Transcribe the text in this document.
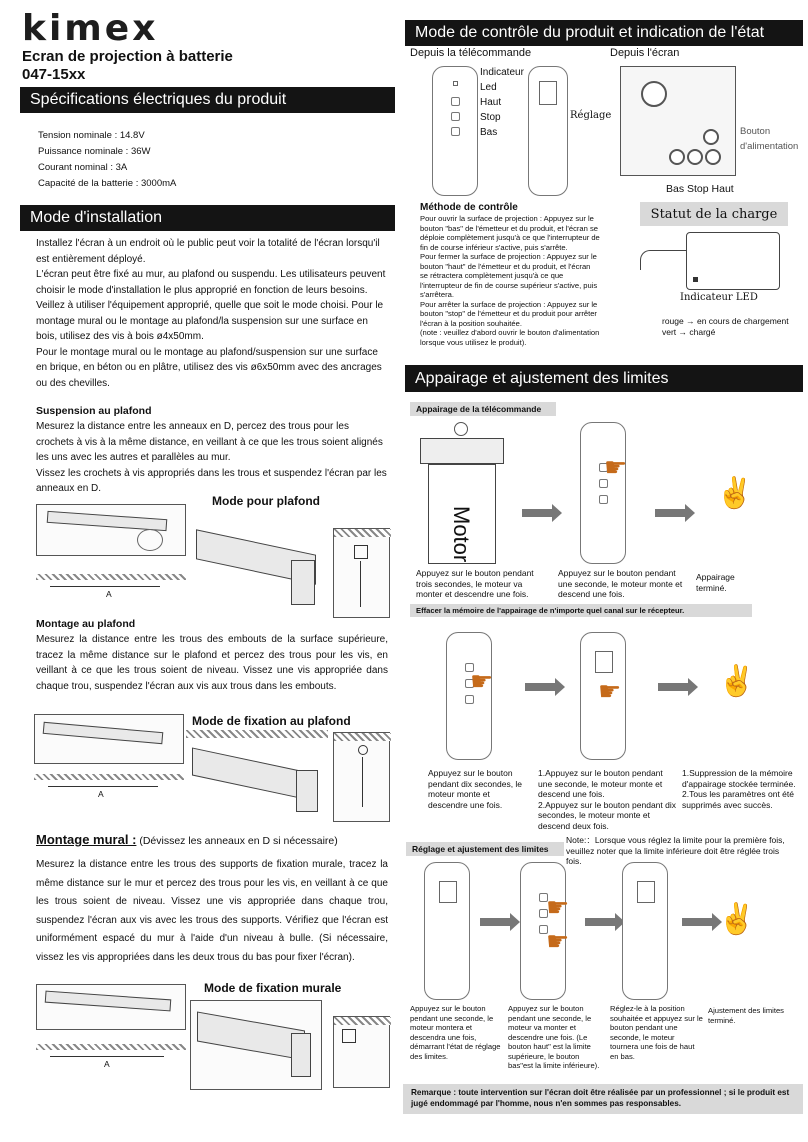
kimex
Ecran de projection à batterie
047-15xx
Spécifications électriques du produit
Tension nominale : 14.8V
Puissance nominale : 36W
Courant nominal : 3A
Capacité de la batterie : 3000mA
Mode d'installation

Installez l'écran à un endroit où le public peut voir la totalité de l'écran lorsqu'il est entièrement déployé.

L'écran peut être fixé au mur, au plafond ou suspendu. Les utilisateurs peuvent choisir le mode d'installation le plus approprié en fonction de leurs besoins. Veillez à utiliser l'équipement approprié, quelle que soit le mode choisi. Pour le montage mural ou le montage au plafond/la suspension sur une surface en bois, utilisez des vis à bois ø4x50mm.

Pour le montage mural ou le montage au plafond/suspension sur une surface en brique, en béton ou en plâtre, utilisez des vis ø6x50mm avec des ancrages ou des chevilles.

Suspension au plafond
Mesurez la distance entre les anneaux en D, percez des trous pour les crochets à vis à la même distance, en veillant à ce que les trous soient alignés les uns avec les autres et parallèles au mur.
Vissez les crochets à vis appropriés dans les trous et suspendez l'écran par les anneaux en D.
Mode pour plafond
A
Montage au plafond
Mesurez la distance entre les trous des embouts de la surface supérieure, tracez la même distance sur le plafond et percez des trous pour les vis, en veillant à ce que les trous soient de niveau. Vissez une vis appropriée dans chaque trou, suspendez l'écran aux vis aux trous dans les embouts.
Mode de fixation au plafond
A
Montage mural : (Dévissez les anneaux en D si nécessaire)
Mesurez la distance entre les trous des supports de fixation murale, tracez la même distance sur le mur et percez des trous pour les vis, en veillant à ce que les trous soient de niveau. Vissez une vis appropriée dans chaque trou, suspendez l'écran aux vis avec les trous des supports. Vérifiez que l'écran est uniformément espacé du mur à l'aide d'un niveau à bulle. (Si nécessaire, vissez les vis appropriées dans les deux trous du bas pour fixer l'écran).
Mode de fixation murale
A
Mode de contrôle du produit et indication de l'état
Depuis la télécommande	Depuis l'écran
Indicateur
Led
Haut
Stop
Bas
Réglage
Bouton
d'alimentation
Bas Stop Haut
Méthode de contrôle
Pour ouvrir la surface de projection : Appuyez sur le bouton "bas" de l'émetteur et du produit, et l'écran se déploie complètement jusqu'à ce que l'interrupteur de fin de course inférieur s'active, puis s'arrête.
Pour fermer la surface de projection : Appuyez sur le bouton "haut" de l'émetteur et du produit, et l'écran se rétractera complètement jusqu'à ce que l'interrupteur de fin de course supérieur s'active, puis s'arrêtera.
Pour arrêter la surface de projection : Appuyez sur le bouton "stop" de l'émetteur et du produit pour arrêter l'écran à la position souhaitée.
(note : veuillez d'abord ouvrir le bouton d'alimentation lorsque vous utilisez le produit).
Statut de la charge
Indicateur LED
rouge → en cours de chargement
vert → chargé
Appairage et ajustement des limites
Appairage de la télécommande
Motor
☛
✌
Appuyez sur le bouton pendant trois secondes, le moteur va monter et descendre une fois.
Appuyez sur le bouton pendant une seconde, le moteur monte et descend une fois.
Appairage terminé.
Effacer la mémoire de l'appairage de n'importe quel canal sur le récepteur.
☛	☛	✌
Appuyez sur le bouton pendant dix secondes, le moteur monte et descendre une fois.
1.Appuyez sur le bouton pendant une seconde, le moteur monte et descend une fois.
2.Appuyez sur le bouton pendant dix secondes, le moteur monte et descend deux fois.
1.Suppression de la mémoire d'appairage stockée terminée.
2.Tous les paramètres ont été supprimés avec succès.
Réglage et ajustement des limites
Note:：Lorsque vous réglez la limite pour la première fois, veuillez noter que la limite inférieure doit être réglée trois fois.
☛
☛
✌
Appuyez sur le bouton pendant une seconde, le moteur montera et descendra une fois, démarrant l'état de réglage des limites.
Appuyez sur le bouton pendant une seconde, le moteur va monter et descendre une fois. (Le bouton haut" est la limite supérieure, le bouton bas"est la limite inférieure).
Réglez-le à la position souhaitée et appuyez sur le bouton pendant une seconde, le moteur tournera une fois de haut en bas.
Ajustement des limites terminé.
Remarque : toute intervention sur l'écran doit être réalisée par un professionnel ; si le produit est jugé endommagé par l'homme, nous n'en sommes pas responsables.
